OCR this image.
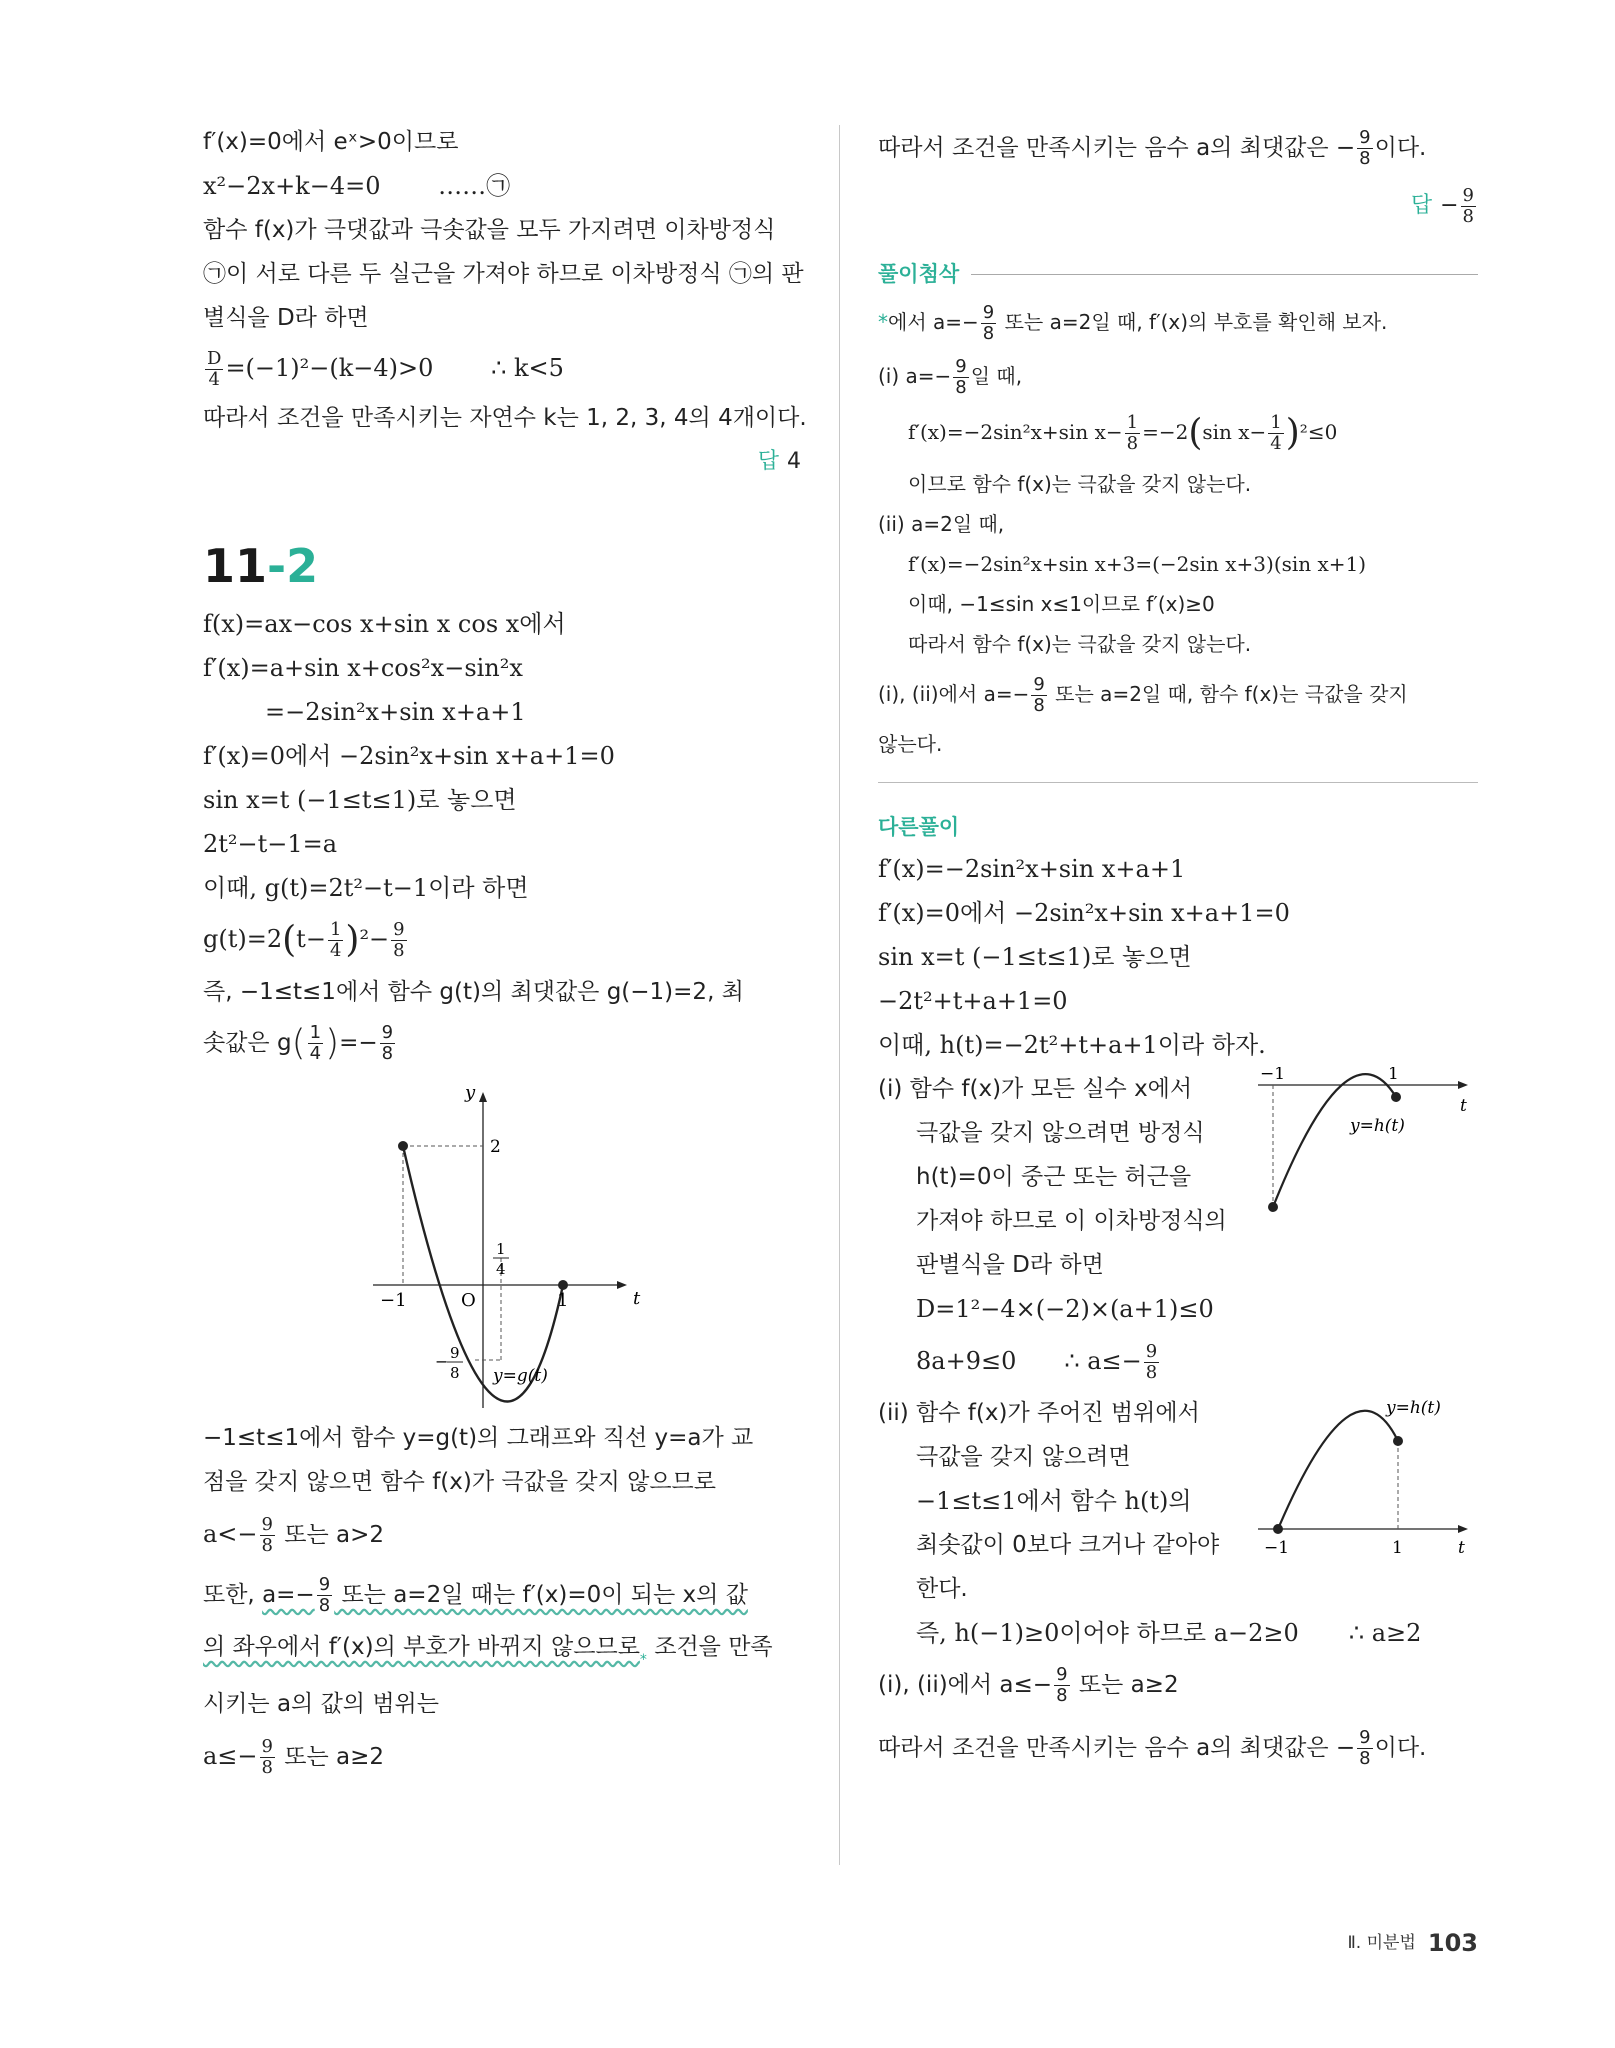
f′(x)=0에서 eˣ>0이므로
x²−2x+k−4=0 ……㉠
함수 f(x)가 극댓값과 극솟값을 모두 가지려면 이차방정식
㉠이 서로 다른 두 실근을 가져야 하므로 이차방정식 ㉠의 판
별식을 D라 하면
$\frac{D}{4} =(-1)^2-(k-4)>0$ ∴ k<5
따라서 조건을 만족시키는 자연수 k는 1, 2, 3, 4의 4개이다.
답 4
11-2
f(x)=ax−cos x+sin x cos x에서
f′(x)=a+sin x+cos²x−sin²x
=−2sin²x+sin x+a+1
f′(x)=0에서 −2sin²x+sin x+a+1=0
sin x=t (−1≤t≤1)로 놓으면
2t²−t−1=a
이때, g(t)=2t²−t−1이라 하면
$g(t)=2(t- \frac{1}{4} )^2- \frac{9}{8}$
즉, −1≤t≤1에서 함수 g(t)의 최댓값은 g(−1)=2, 최
솟값은 $g( \frac{1}{4}$ )=− $\frac{9}{8}$
y
t
O
−1	1
2
1
4
− 9
8 y=g(t)
−1≤t≤1에서 함수 y=g(t)의 그래프와 직선 y=a가 교
점을 갖지 않으면 함수 f(x)가 극값을 갖지 않으므로
$a<- \frac{9}{8}$ 또는 a>2
또한, $a=- \frac{9}{8}$ 또는 a=2일 때는 f′(x)=0이 되는 x의 값
의 좌우에서 f′(x)의 부호가 바뀌지 않으므로$_*$ 조건을 만족
시키는 a의 값의 범위는
$a\le- \frac{9}{8}$ 또는 a≥2
따라서 조건을 만족시키는 음수 a의 최댓값은 − $\frac{9}{8}$ 이다.
답 − $\frac{9}{8}$
풀이첨삭
*에서 $a=- \frac{9}{8}$ 또는 a=2일 때, f′(x)의 부호를 확인해 보자.
(i) $a=- \frac{9}{8}$ 일 때,
f′(x)=−2sin²x+sin $x- \frac{1}{8} =-2(\sin$ $x- \frac{1}{4} )^2\le 0$
이므로 함수 f(x)는 극값을 갖지 않는다.
(ii) a=2일 때,
f′(x)=−2sin²x+sin x+3=(−2sin x+3)(sin x+1)
이때, −1≤sin x≤1이므로 f′(x)≥0
따라서 함수 f(x)는 극값을 갖지 않는다.
(i), (ii)에서 $a=- \frac{9}{8}$ 또는 a=2일 때, 함수 f(x)는 극값을 갖지
않는다.
다른풀이
f′(x)=−2sin²x+sin x+a+1
f′(x)=0에서 −2sin²x+sin x+a+1=0
sin x=t (−1≤t≤1)로 놓으면
−2t²+t+a+1=0
이때, h(t)=−2t²+t+a+1이라 하자.
(i) 함수 f(x)가 모든 실수 x에서
극값을 갖지 않으려면 방정식
h(t)=0이 중근 또는 허근을
가져야 하므로 이 이차방정식의
판별식을 D라 하면
−1	1
t
y=h(t)
D=1²−4×(−2)×(a+1)≤0
8a+9≤0 ∴ $a\le- \frac{9}{8}$
(ii) 함수 f(x)가 주어진 범위에서
극값을 갖지 않으려면
−1≤t≤1에서 함수 h(t)의
최솟값이 0보다 크거나 같아야
한다.
−1	1	t
y=h(t)
즉, h(−1)≥0이어야 하므로 a−2≥0 ∴ a≥2
(i), (ii)에서 $a\le- \frac{9}{8}$ 또는 a≥2
따라서 조건을 만족시키는 음수 a의 최댓값은 − $\frac{9}{8}$ 이다.
Ⅱ. 미분법 103
